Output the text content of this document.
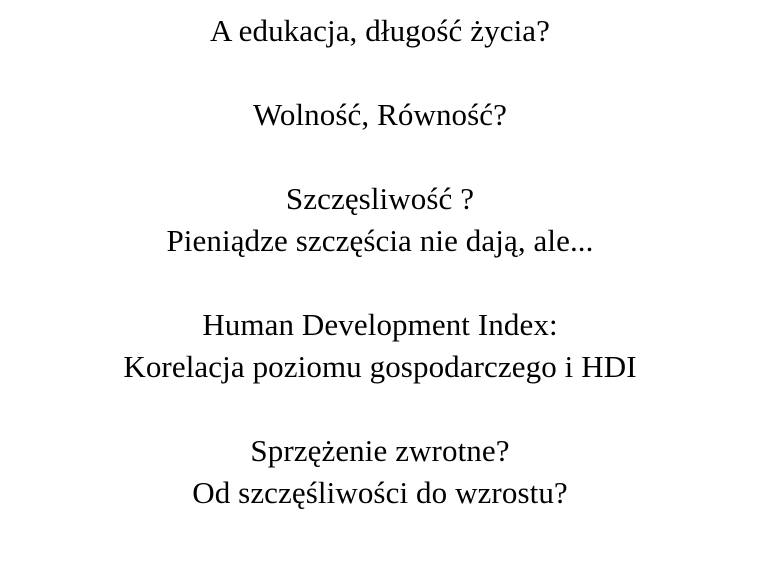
A edukacja, długość życia?
Wolność, Równość?
Szczęsliwość ?
Pieniądze szczęścia nie dają, ale...
Human Development Index:
Korelacja poziomu gospodarczego i HDI
Sprzężenie zwrotne?
Od szczęśliwości do wzrostu?
